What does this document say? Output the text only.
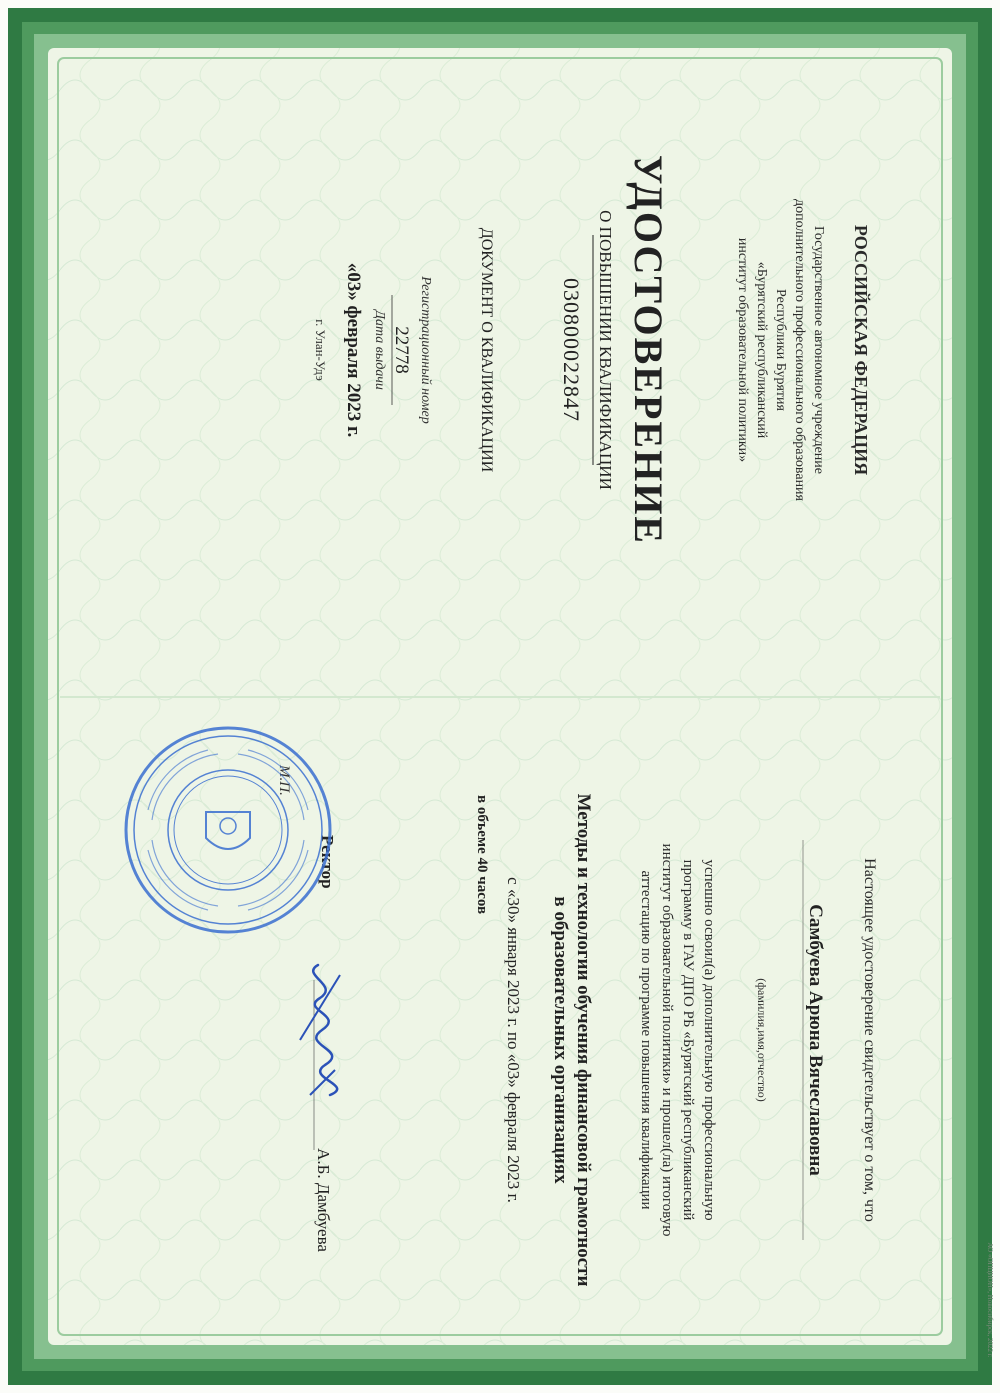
РОССИЙСКАЯ ФЕДЕРАЦИЯ
Государственное автономное учреждение
дополнительного профессионального образования
Республики Бурятия
«Бурятский республиканский
институт образовательной политики»
УДОСТОВЕРЕНИЕ
О ПОВЫШЕНИИ КВАЛИФИКАЦИИ
030800022847
ДОКУМЕНТ О КВАЛИФИКАЦИИ
Регистрационный номер
22778
Дата выдачи
«03» февраля 2023 г.
г. Улан-Удэ
Настоящее удостоверение свидетельствует о том, что
Самбуева Арюна Вячеславовна
(фамилия,имя,отчество)
успешно освоил(а) дополнительную профессиональную
программу в ГАУ ДПО РБ «Бурятский республиканский
институт образовательной политики» и прошел(ла) итоговую
аттестацию по программе повышения квалификации
Методы и технологии обучения финансовой грамотности
в образовательных организациях
с «30» января 2023 г. по «03» февраля 2023 г.
в объеме 40 часов
Ректор
А.Б. Дамбуева
М.П.
АО «ОПЦИОН», Новосибирск, 2022 г.
